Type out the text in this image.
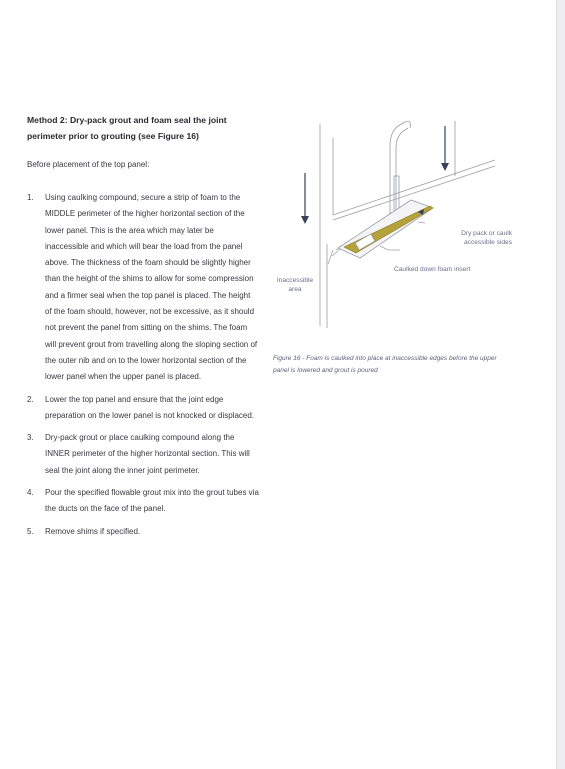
Method 2: Dry-pack grout and foam seal the joint perimeter prior to grouting (see Figure 16)
Before placement of the top panel:
1. Using caulking compound, secure a strip of foam to the MIDDLE perimeter of the higher horizontal section of the lower panel. This is the area which may later be inaccessible and which will bear the load from the panel above. The thickness of the foam should be slightly higher than the height of the shims to allow for some compression and a firmer seal when the top panel is placed. The height of the foam should, however, not be excessive, as it should not prevent the panel from sitting on the shims. The foam will prevent grout from travelling along the sloping section of the outer nib and on to the lower horizontal section of the lower panel when the upper panel is placed.
2. Lower the top panel and ensure that the joint edge preparation on the lower panel is not knocked or displaced.
3. Dry-pack grout or place caulking compound along the INNER perimeter of the higher horizontal section. This will seal the joint along the inner joint perimeter.
4. Pour the specified flowable grout mix into the grout tubes via the ducts on the face of the panel.
5. Remove shims if specified.
Dry pack or caulk accessible sides
Caulked down foam insert
Inaccessible area
Figure 16 - Foam is caulked into place at inaccessible edges before the upper panel is lowered and grout is poured
